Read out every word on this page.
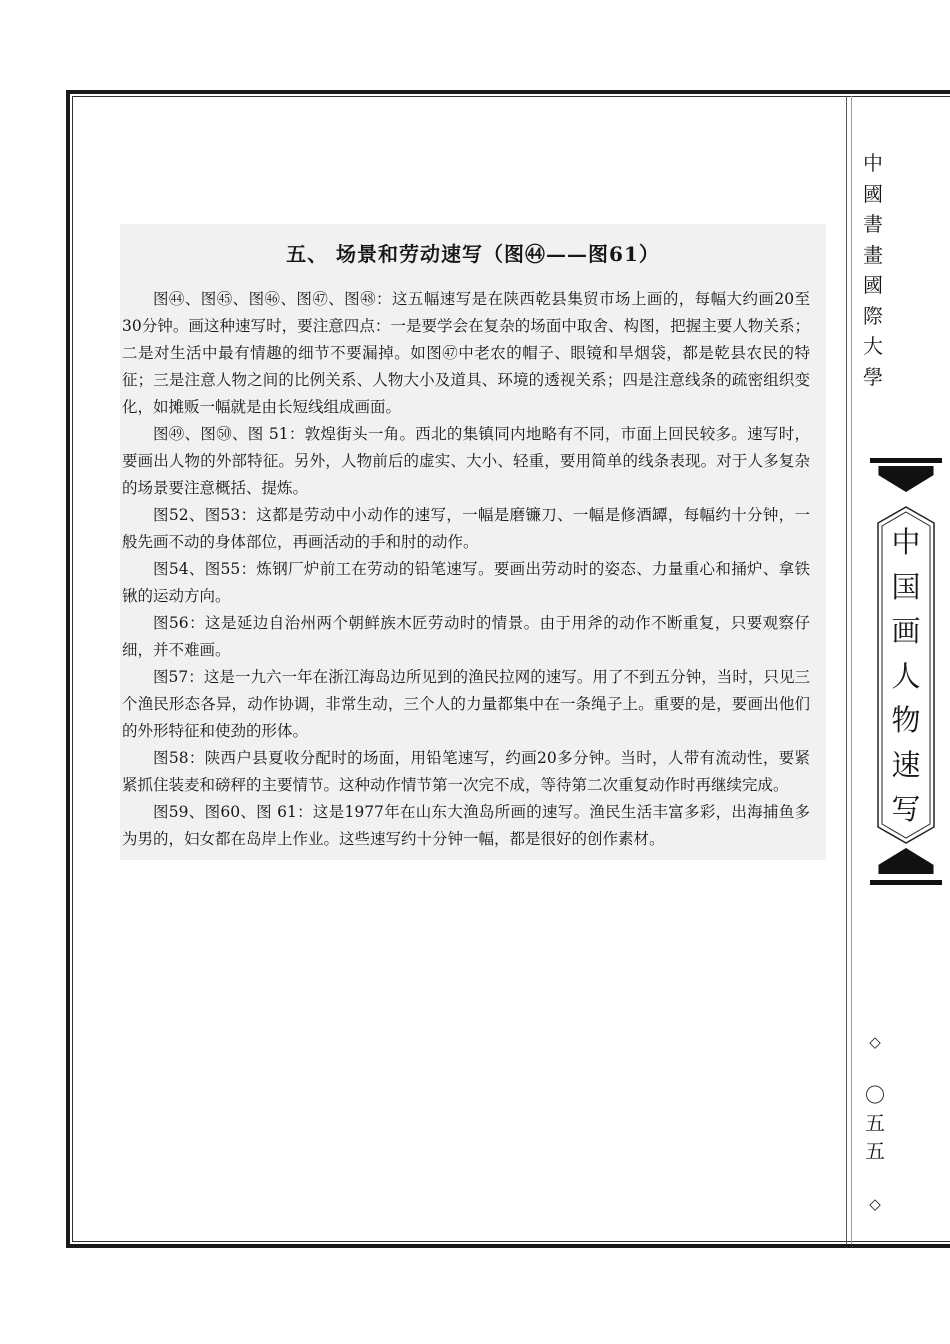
五、 场景和劳动速写（图㊹——图61）

图㊹、图㊺、图㊻、图㊼、图㊽：这五幅速写是在陕西乾县集贸市场上画的，每幅大约画20至30分钟。画这种速写时，要注意四点：一是要学会在复杂的场面中取舍、构图，把握主要人物关系；二是对生活中最有情趣的细节不要漏掉。如图㊼中老农的帽子、眼镜和旱烟袋，都是乾县农民的特征；三是注意人物之间的比例关系、人物大小及道具、环境的透视关系；四是注意线条的疏密组织变化，如摊贩一幅就是由长短线组成画面。

图㊾、图㊿、图 51：敦煌街头一角。西北的集镇同内地略有不同，市面上回民较多。速写时，要画出人物的外部特征。另外，人物前后的虚实、大小、轻重，要用简单的线条表现。对于人多复杂的场景要注意概括、提炼。

图52、图53：这都是劳动中小动作的速写，一幅是磨镰刀、一幅是修酒罈，每幅约十分钟，一般先画不动的身体部位，再画活动的手和肘的动作。

图54、图55：炼钢厂炉前工在劳动的铅笔速写。要画出劳动时的姿态、力量重心和捅炉、拿铁锹的运动方向。

图56：这是延边自治州两个朝鲜族木匠劳动时的情景。由于用斧的动作不断重复，只要观察仔细，并不难画。

图57：这是一九六一年在浙江海岛边所见到的渔民拉网的速写。用了不到五分钟，当时，只见三个渔民形态各异，动作协调，非常生动，三个人的力量都集中在一条绳子上。重要的是，要画出他们的外形特征和使劲的形体。

图58：陕西户县夏收分配时的场面，用铅笔速写，约画20多分钟。当时，人带有流动性，要紧紧抓住装麦和磅秤的主要情节。这种动作情节第一次完不成，等待第二次重复动作时再继续完成。

图59、图60、图 61：这是1977年在山东大渔岛所画的速写。渔民生活丰富多彩，出海捕鱼多为男的，妇女都在岛岸上作业。这些速写约十分钟一幅，都是很好的创作素材。

中
國
書
畫
國
際
大
學
中
国
画
人
物
速
写

◇

〇
五
五

◇
